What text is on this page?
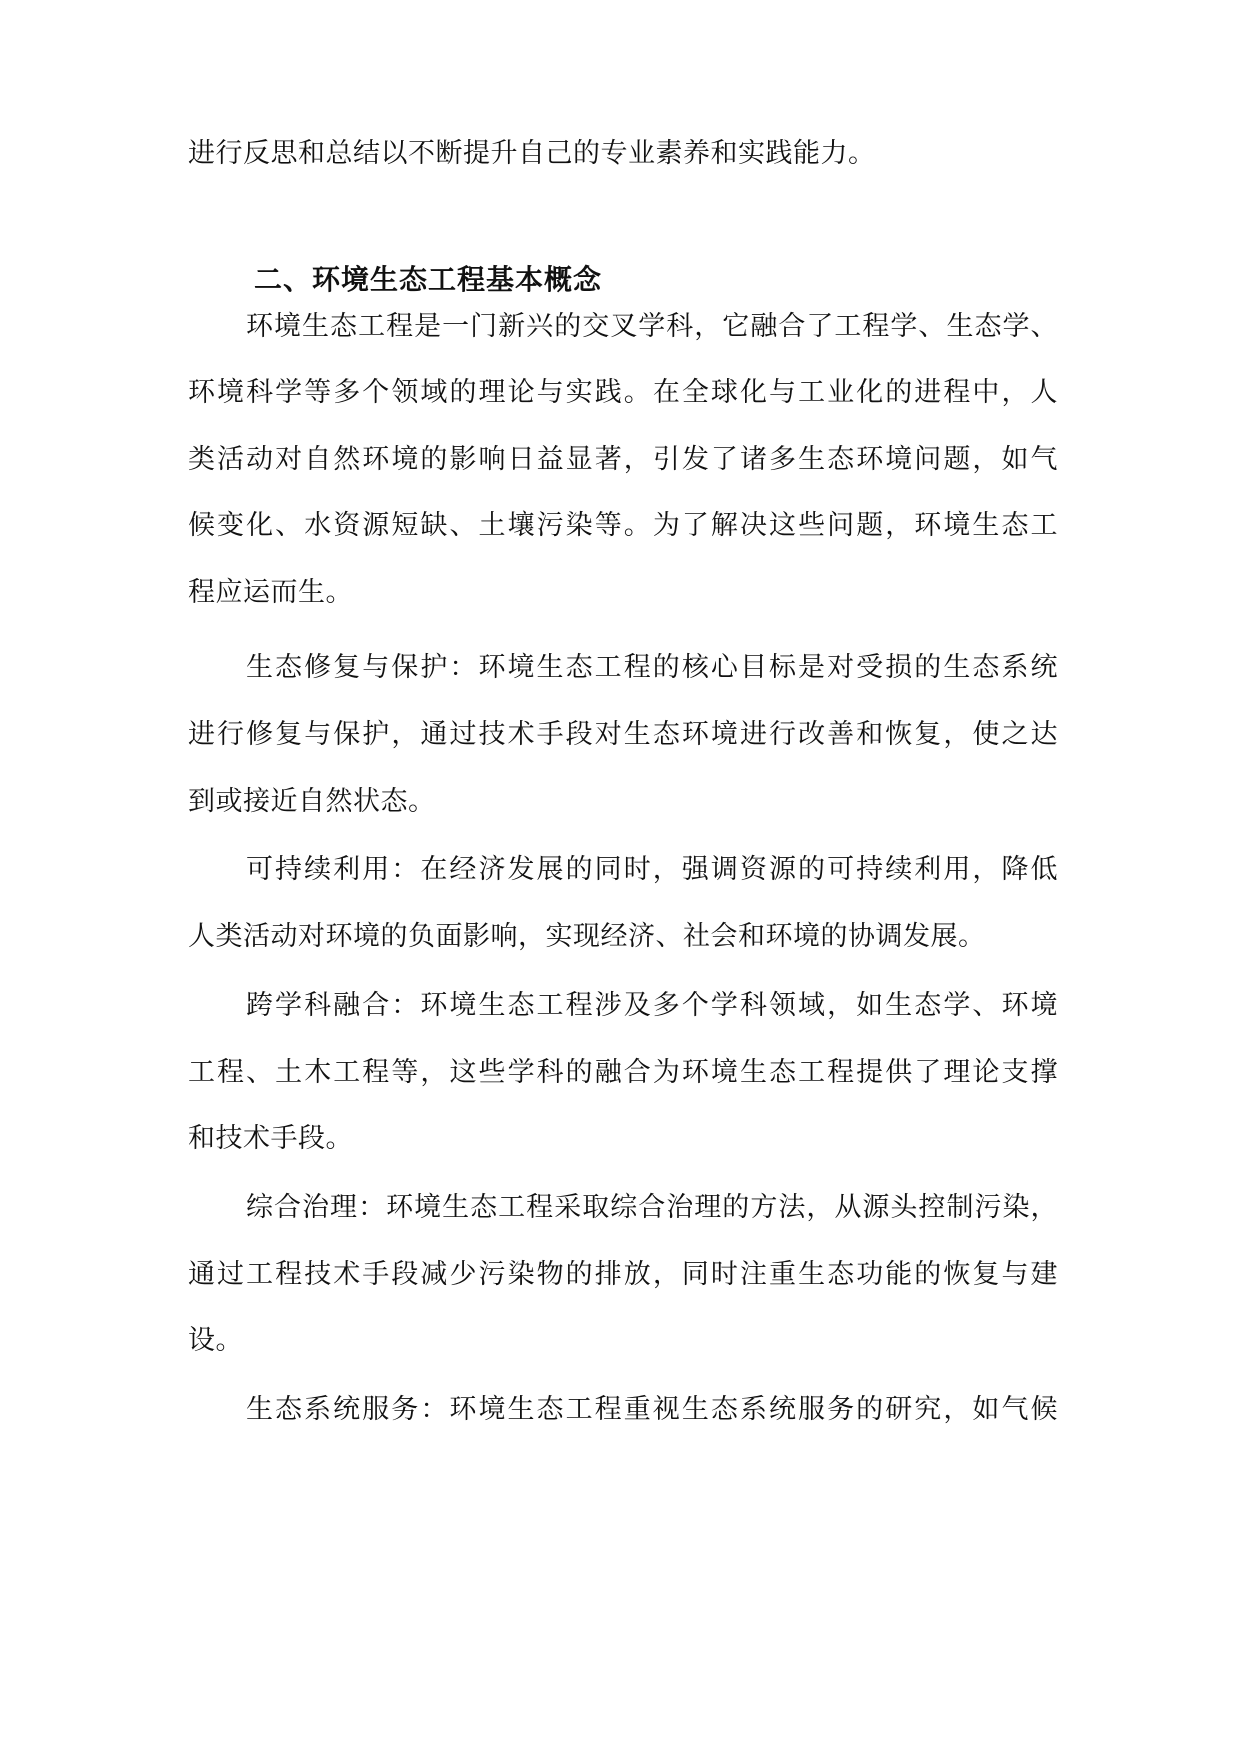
进行反思和总结以不断提升自己的专业素养和实践能力。
二、环境生态工程基本概念
环境生态工程是一门新兴的交叉学科，它融合了工程学、生态学、
环境科学等多个领域的理论与实践。在全球化与工业化的进程中，人
类活动对自然环境的影响日益显著，引发了诸多生态环境问题，如气
候变化、水资源短缺、土壤污染等。为了解决这些问题，环境生态工
程应运而生。
生态修复与保护：环境生态工程的核心目标是对受损的生态系统
进行修复与保护，通过技术手段对生态环境进行改善和恢复，使之达
到或接近自然状态。
可持续利用：在经济发展的同时，强调资源的可持续利用，降低
人类活动对环境的负面影响，实现经济、社会和环境的协调发展。
跨学科融合：环境生态工程涉及多个学科领域，如生态学、环境
工程、土木工程等，这些学科的融合为环境生态工程提供了理论支撑
和技术手段。
综合治理：环境生态工程采取综合治理的方法，从源头控制污染，
通过工程技术手段减少污染物的排放，同时注重生态功能的恢复与建
设。
生态系统服务：环境生态工程重视生态系统服务的研究，如气候
